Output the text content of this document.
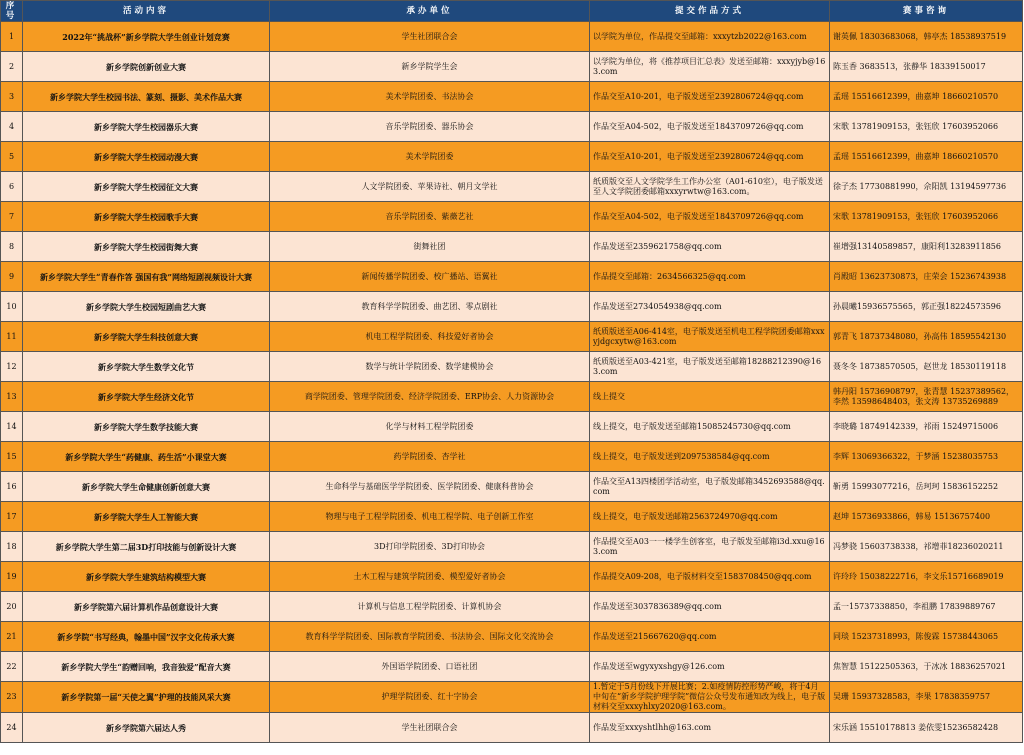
序号	活动内容	承办单位	提交作品方式	赛事咨询
1	2022年“挑战杯”新乡学院大学生创业计划竞赛	学生社团联合会	以学院为单位，作品提交至邮箱：xxxytzb2022@163.com	谢英佩 18303683068，韩亭杰 18538937519
2	新乡学院创新创业大赛	新乡学院学生会	以学院为单位，将《推荐项目汇总表》发送至邮箱：xxxyjyb@163.com	陈玉香 3683513，张静华 18339150017
3	新乡学院大学生校园书法、篆刻、摄影、美术作品大赛	美术学院团委、书法协会	作品交至A10-201，电子版发送至2392806724@qq.com	孟瑶 15516612399，曲嘉坤 18660210570
4	新乡学院大学生校园器乐大赛	音乐学院团委、器乐协会	作品交至A04-502，电子版发送至1843709726@qq.com	宋歌 13781909153，张钰欣 17603952066
5	新乡学院大学生校园动漫大赛	美术学院团委	作品交至A10-201，电子版发送至2392806724@qq.com	孟瑶 15516612399，曲嘉坤 18660210570
6	新乡学院大学生校园征文大赛	人文学院团委、苹果诗社、朝月文学社	纸质版交至人文学院学生工作办公室（A01-610室），电子版发送至人文学院团委邮箱xxxyrwtw@163.com。	徐子杰 17730881990，佘阳凯 13194597736
7	新乡学院大学生校园歌手大赛	音乐学院团委、紫薇艺社	作品交至A04-502，电子版发送至1843709726@qq.com	宋歌 13781909153，张钰欣 17603952066
8	新乡学院大学生校园街舞大赛	街舞社团	作品发送至2359621758@qq.com	崔增强13140589857，康阳利13283911856
9	新乡学院大学生“青春作答 强国有我”网络短剧视频设计大赛	新闻传播学院团委、校广播站、语翼社	作品提交至邮箱：2634566325@qq.com	肖殿昭 13623730873，庄荣会 15236743938
10	新乡学院大学生校园短剧曲艺大赛	教育科学学院团委、曲艺团、零点剧社	作品发送至2734054938@qq.com	孙晨曦15936575565，郭正强18224573596
11	新乡学院大学生科技创意大赛	机电工程学院团委、科技爱好者协会	纸质版送至A06-414室，电子版发送至机电工程学院团委邮箱xxxyjdgcxytw@163.com	郭青飞 18737348080，孙高伟 18595542130
12	新乡学院大学生数学文化节	数学与统计学院团委、数学建模协会	纸质版送至A03-421室，电子版发送至邮箱18288212390@163.com	聂冬冬 18738570505，赵世龙 18530119118
13	新乡学院大学生经济文化节	商学院团委、管理学院团委、经济学院团委、ERP协会、人力资源协会	线上提交	韩丹阳 15736908797，张青慧 15237389562，李然 13598648403，张文涛 13735269889
14	新乡学院大学生数学技能大赛	化学与材料工程学院团委	线上提交，电子版发送至邮箱15085245730@qq.com	李晓璐 18749142339，祁雨 15249715006
15	新乡学院大学生“药健康、药生活”小课堂大赛	药学院团委、杏学社	线上提交，电子版发送到2097538584@qq.com	李辉 13069366322，于梦涵 15238035753
16	新乡学院大学生命健康创新创意大赛	生命科学与基础医学学院团委、医学院团委、健康科普协会	作品交至A13四楼团学活动室，电子版发邮箱3452693588@qq.com	靳勇 15993077216，岳珂珂 15836152252
17	新乡学院大学生人工智能大赛	物理与电子工程学院团委、机电工程学院、电子创新工作室	线上提交，电子版发送邮箱2563724970@qq.com	赵坤 15736933866，韩易 15136757400
18	新乡学院大学生第二届3D打印技能与创新设计大赛	3D打印学院团委、3D打印协会	作品提交至A03一一楼学生创客室，电子版发至邮箱i3d.xxu@163.com	冯梦骁 15603738338，祁增菲18236020211
19	新乡学院大学生建筑结构模型大赛	土木工程与建筑学院团委、模型爱好者协会	作品提交A09-208，电子版材料交至1583708450@qq.com	许玲玲 15038222716，李文乐15716689019
20	新乡学院第六届计算机作品创意设计大赛	计算机与信息工程学院团委、计算机协会	作品发送至3037836389@qq.com	孟一15737338850，李祖鹏 17839889767
21	新乡学院“书写经典，翰墨中国”汉字文化传承大赛	教育科学学院团委、国际教育学院团委、书法协会、国际文化交流协会	作品发送至215667620@qq.com	同琰 15237318993，陈俊霖 15738443065
22	新乡学院大学生“韵赠回响，我音独爱”配音大赛	外国语学院团委、口语社团	作品发送至wgyxyxshgy@126.com	焦智慧 15122505363，于冰冰 18836257021
23	新乡学院第一届“天使之翼”护理的技能风采大赛	护理学院团委、红十字协会	1.暂定于5月份线下开展比赛；2.如疫情防控形势严峻，将于4月中旬在“新乡学院护理学院”微信公众号发布通知改为线上，电子版材料交至xxxyhlxy2020@163.com。	吴珊 15937328583，李果 17838359757
24	新乡学院第六届达人秀	学生社团联合会	作品发至xxxyshtlhh@163.com	宋乐涵 15510178813 姜依雯15236582428
